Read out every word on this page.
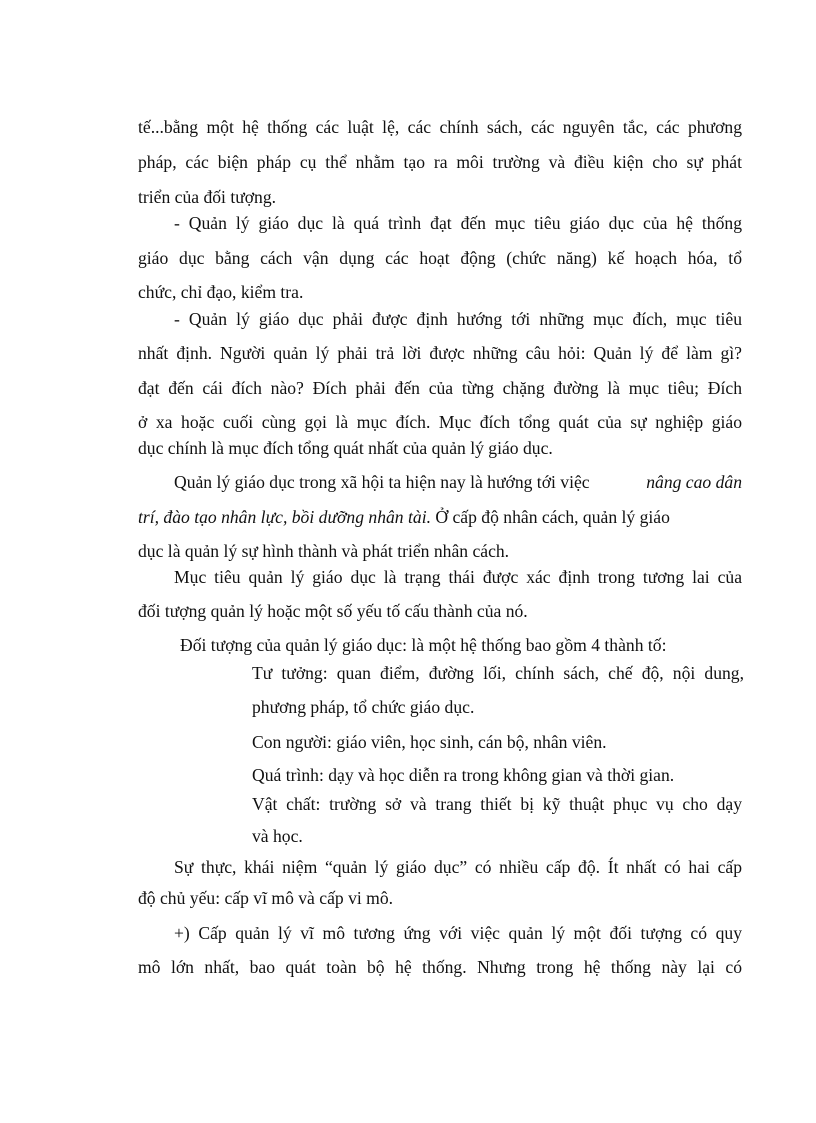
tế...bằng một hệ thống các luật lệ, các chính sách, các nguyên tắc, các phương
pháp, các biện pháp cụ thể nhằm tạo ra môi trường và điều kiện cho sự phát
triển của đối tượng.
- Quản lý giáo dục là quá trình đạt đến mục tiêu giáo dục của hệ thống
giáo dục bằng cách vận dụng các hoạt động (chức năng) kế hoạch hóa, tổ
chức, chỉ đạo, kiểm tra.
- Quản lý giáo dục phải được định hướng tới những mục đích, mục tiêu
nhất định. Người quản lý phải trả lời được những câu hỏi: Quản lý để làm gì?
đạt đến cái đích nào? Đích phải đến của từng chặng đường là mục tiêu; Đích
ở xa hoặc cuối cùng gọi là mục đích. Mục đích tổng quát của sự nghiệp giáo
dục chính là mục đích tổng quát nhất của quản lý giáo dục.
Quản lý giáo dục trong xã hội ta hiện nay là hướng tới việc	nâng cao dân
trí, đào tạo nhân lực, bồi dưỡng nhân tài. Ở cấp độ nhân cách, quản lý giáo
dục là quản lý sự hình thành và phát triển nhân cách.
Mục tiêu quản lý giáo dục là trạng thái được xác định trong tương lai của
đối tượng quản lý hoặc một số yếu tố cấu thành của nó.
Đối tượng của quản lý giáo dục: là một hệ thống bao gồm 4 thành tố:
Tư tưởng: quan điểm, đường lối, chính sách, chế độ, nội dung,
phương pháp, tổ chức giáo dục.
Con người: giáo viên, học sinh, cán bộ, nhân viên.
Quá trình: dạy và học diễn ra trong không gian và thời gian.
Vật chất: trường sở và trang thiết bị kỹ thuật phục vụ cho dạy
và học.
Sự thực, khái niệm “quản lý giáo dục” có nhiều cấp độ. Ít nhất có hai cấp
độ chủ yếu: cấp vĩ mô và cấp vi mô.
+) Cấp quản lý vĩ mô tương ứng với việc quản lý một đối tượng có quy
mô lớn nhất, bao quát toàn bộ hệ thống. Nhưng trong hệ thống này lại có
